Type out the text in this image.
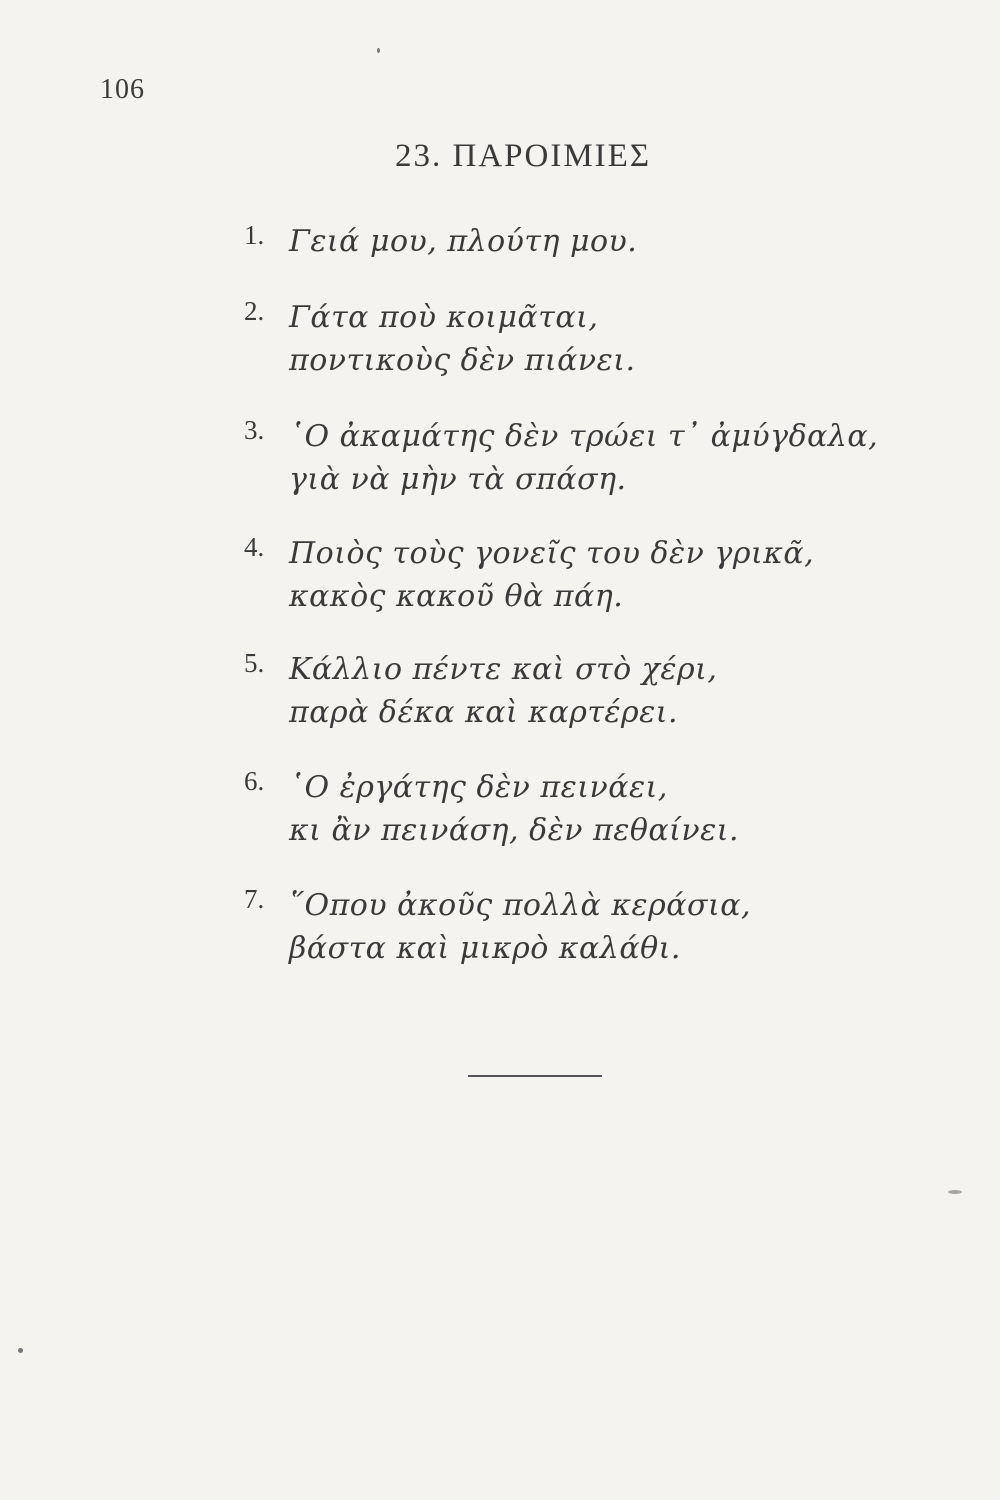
106
23. ΠΑΡΟΙΜΙΕΣ
1. Γειά μου, πλούτη μου.
2. Γάτα ποὺ κοιμᾶται,
ποντικοὺς δὲν πιάνει.
3. ῾Ο ἀκαμάτης δὲν τρώει τ᾿ ἀμύγδαλα,
γιὰ νὰ μὴν τὰ σπάση.
4. Ποιὸς τοὺς γονεῖς του δὲν γρικᾶ,
κακὸς κακοῦ θὰ πάη.
5. Κάλλιο πέντε καὶ στὸ χέρι,
παρὰ δέκα καὶ καρτέρει.
6. ῾Ο ἐργάτης δὲν πεινάει,
κι ἂν πεινάση, δὲν πεθαίνει.
7. ῞Οπου ἀκοῦς πολλὰ κεράσια,
βάστα καὶ μικρὸ καλάθι.
